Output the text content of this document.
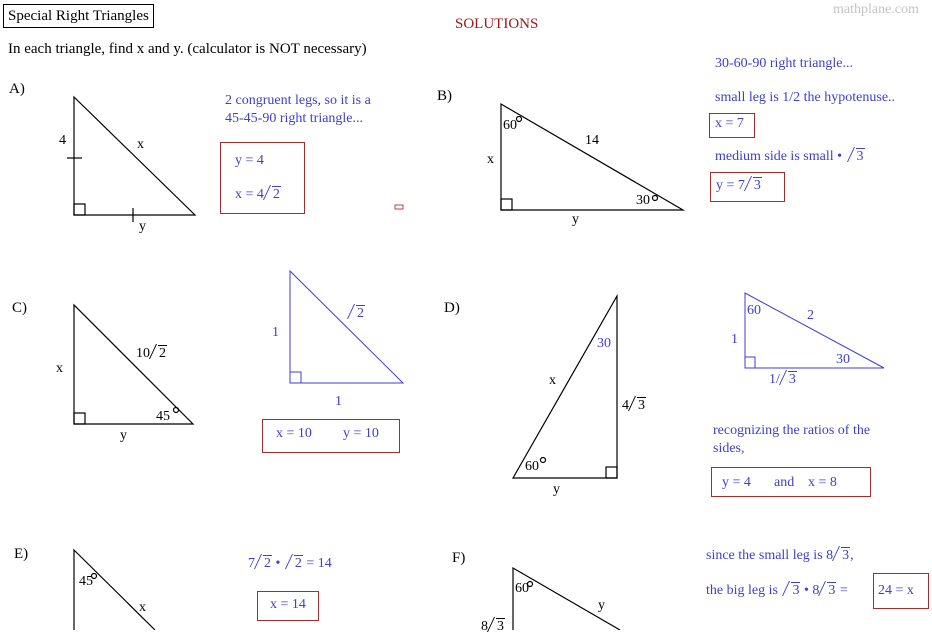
Special Right Triangles	SOLUTIONS
mathplane.com
In each triangle, find x and y. (calculator is NOT necessary)
A)
4	x
y
2 congruent legs, so it is a
45-45-90 right triangle...
y = 4
x = 4 2
B)
60
14
x
y
30
30-60-90 right triangle...
small leg is 1/2 the hypotenuse..
x = 7
medium side is small • 3
y = 7 3
C)
x
10 2
45
y
1
2
1
x = 10 y = 10
D)
30
x
4 3
60
y
60	2
1
30
1/ 3
recognizing the ratios of the
sides,
y = 4 and x = 8
E)
45
x
7 2 • 2 = 14
x = 14
F)
60
y
8 3
since the small leg is 8 3,
the big leg is 3 • 8 3 = 24 = x
